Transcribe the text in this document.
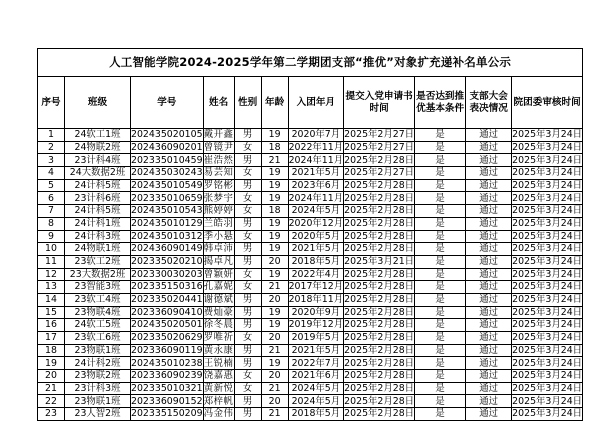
人工智能学院2024-2025学年第二学期团支部“推优”对象扩充递补名单公示										
序号	班级	学号	姓名	性别	年龄	入团年月	提交入党申请书时间	是否达到推优基本条件	支部大会表决情况	院团委审核时间
1	24软工1班	202435020105	戴开鑫	男	19	2020年7月	2025年2月27日	是	通过	2025年3月24日
2	24物联2班	202436090201	曾镜尹	女	18	2022年11月	2025年2月27日	是	通过	2025年3月24日
3	23计科4班	202335010459	崔浩然	男	21	2024年11月	2025年2月28日	是	通过	2025年3月24日
4	24大数据2班	202435030243	易芸知	女	19	2021年5月	2025年2月27日	是	通过	2025年3月24日
5	24计科5班	202435010549	罗铭彬	男	19	2023年6月	2025年2月28日	是	通过	2025年3月24日
6	23计科6班	202335010659	张梦宇	女	19	2024年11月	2025年2月28日	是	通过	2025年3月24日
7	24计科5班	202435010543	熊婷婷	女	18	2024年5月	2025年2月28日	是	通过	2025年3月24日
8	24计科1班	202435010129	兰皓羽	男	19	2020年12月	2025年2月28日	是	通过	2025年3月24日
9	24计科3班	202435010312	季小悬	女	19	2020年5月	2025年2月28日	是	通过	2025年3月24日
10	24物联1班	202436090149	韩卓沛	男	19	2021年5月	2025年2月28日	是	通过	2025年3月24日
11	23软工2班	202335020210	揭卓凡	男	20	2018年5月	2025年3月21日	是	通过	2025年3月24日
12	23大数据2班	202330030203	曾颖妍	女	19	2022年4月	2025年2月28日	是	通过	2025年3月24日
13	23智能3班	202335150316	孔嘉妮	女	21	2017年12月	2025年2月28日	是	通过	2025年3月24日
14	23软工4班	202335020441	谢德斌	男	20	2018年11月	2025年2月28日	是	通过	2025年3月24日
15	23物联4班	202336090410	费灿豪	男	19	2020年9月	2025年2月28日	是	通过	2025年3月24日
16	24软工5班	202435020501	徐冬晨	男	19	2019年12月	2025年2月28日	是	通过	2025年3月24日
17	23软工6班	202335020629	罗唯祈	女	20	2019年5月	2025年2月28日	是	通过	2025年3月24日
18	23物联1班	202336090119	黄永康	男	21	2021年5月	2025年2月28日	是	通过	2025年3月24日
19	24计科2班	202435010238	王锐楠	男	19	2022年7月	2025年2月28日	是	通过	2025年3月24日
20	23物联2班	202336090239	饶嘉惠	女	20	2021年6月	2025年2月28日	是	通过	2025年3月24日
21	23计科3班	202335010321	黄新悦	女	21	2024年5月	2025年2月28日	是	通过	2025年3月24日
22	23物联1班	202336090152	郑梓帆	男	20	2024年5月	2025年2月28日	是	通过	2025年3月24日
23	23人智2班	202335150209	冯金伟	男	21	2018年5月	2025年2月28日	是	通过	2025年3月24日
